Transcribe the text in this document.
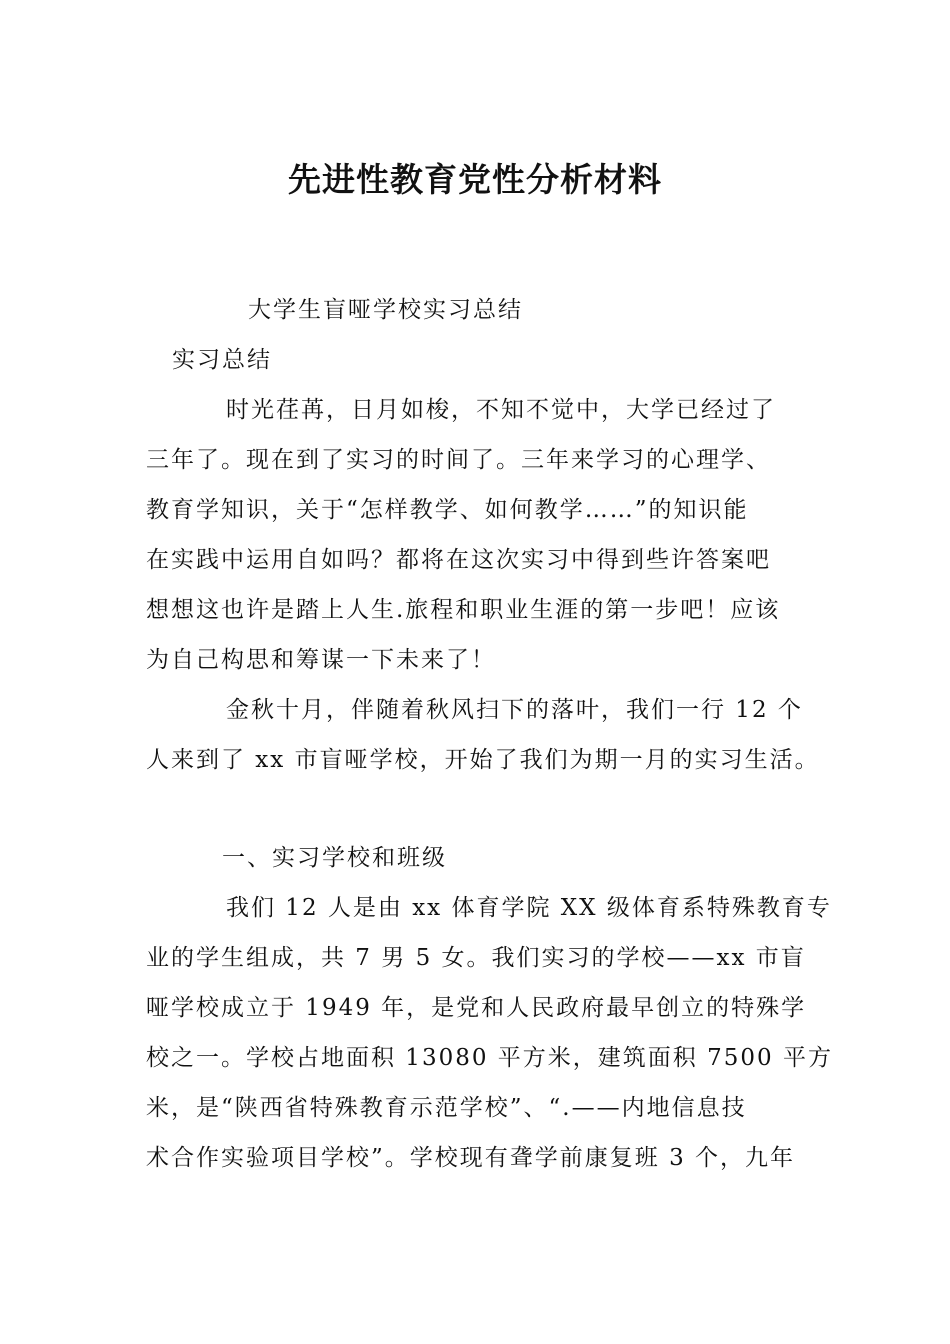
先进性教育党性分析材料
大学生盲哑学校实习总结
实习总结
时光荏苒，日月如梭，不知不觉中，大学已经过了
三年了。现在到了实习的时间了。三年来学习的心理学、
教育学知识，关于“怎样教学、如何教学……”的知识能
在实践中运用自如吗？都将在这次实习中得到些许答案吧
想想这也许是踏上人生.旅程和职业生涯的第一步吧！应该
为自己构思和筹谋一下未来了！
金秋十月，伴随着秋风扫下的落叶，我们一行 12 个
人来到了 xx 市盲哑学校，开始了我们为期一月的实习生活。
一、实习学校和班级
我们 12 人是由 xx 体育学院 XX 级体育系特殊教育专
业的学生组成，共 7 男 5 女。我们实习的学校——xx 市盲
哑学校成立于 1949 年，是党和人民政府最早创立的特殊学
校之一。学校占地面积 13080 平方米，建筑面积 7500 平方
米，是“陕西省特殊教育示范学校”、“.——内地信息技
术合作实验项目学校”。学校现有聋学前康复班 3 个，九年
